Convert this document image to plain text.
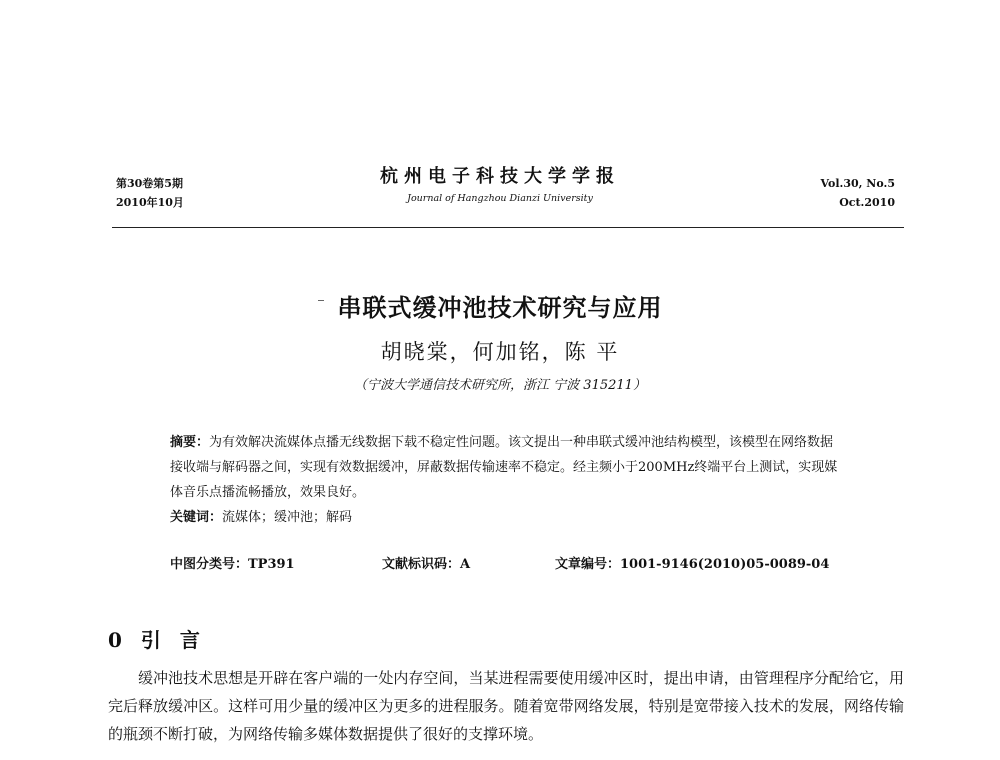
第30卷第5期
2010年10月
杭州电子科技大学学报
Journal of Hangzhou Dianzi University
Vol.30, No.5
Oct.2010
串联式缓冲池技术研究与应用
胡晓棠，何加铭，陈 平
（宁波大学通信技术研究所，浙江 宁波 315211）
摘要：为有效解决流媒体点播无线数据下载不稳定性问题。该文提出一种串联式缓冲池结构模型，该模型在网络数据接收端与解码器之间，实现有效数据缓冲，屏蔽数据传输速率不稳定。经主频小于200MHz终端平台上测试，实现媒体音乐点播流畅播放，效果良好。
关键词：流媒体；缓冲池；解码
中图分类号：TP391	文献标识码：A	文章编号：1001-9146(2010)05-0089-04
0 引 言
缓冲池技术思想是开辟在客户端的一处内存空间，当某进程需要使用缓冲区时，提出申请，由管理程序分配给它，用完后释放缓冲区。这样可用少量的缓冲区为更多的进程服务。随着宽带网络发展，特别是宽带接入技术的发展，网络传输的瓶颈不断打破，为网络传输多媒体数据提供了很好的支撑环境。
